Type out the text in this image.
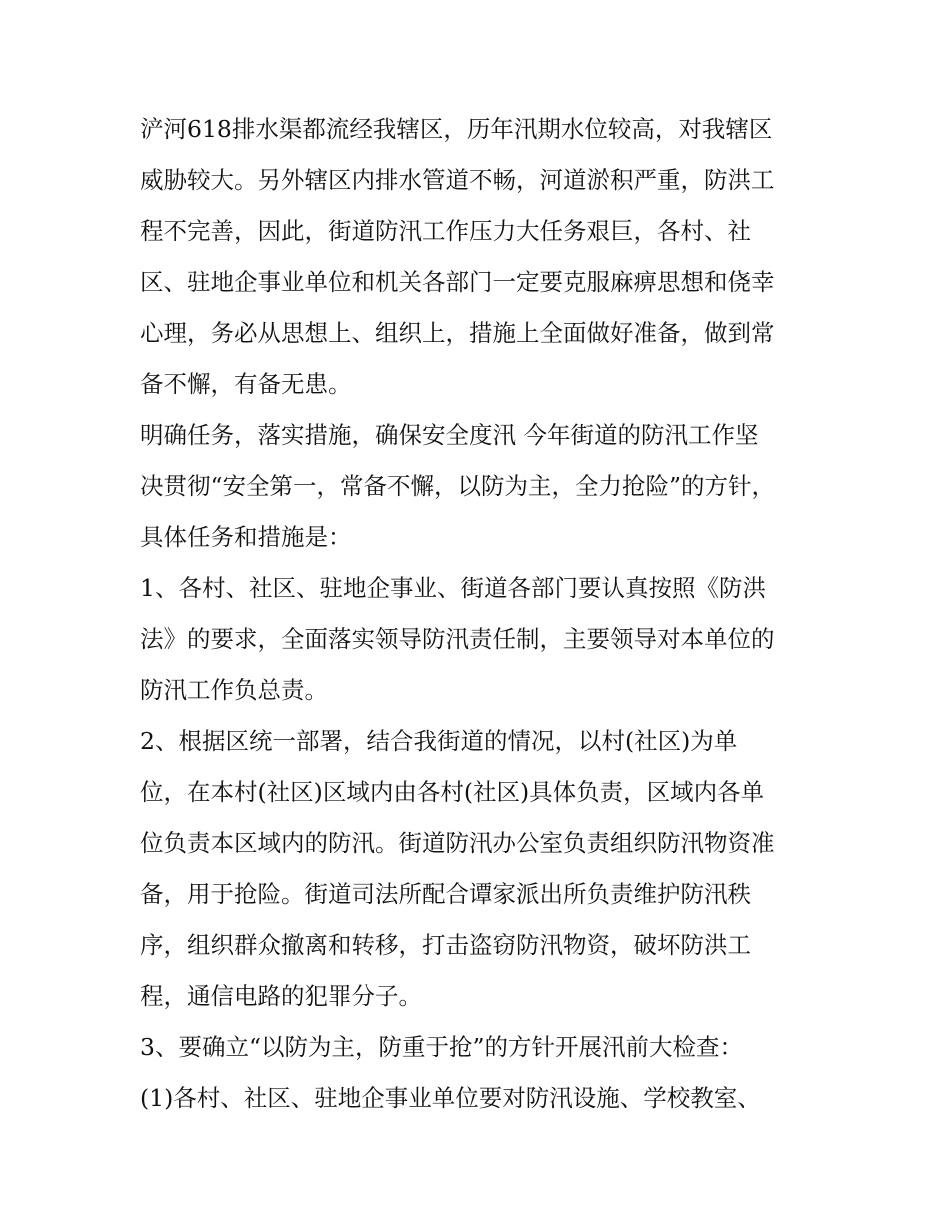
浐河618排水渠都流经我辖区，历年汛期水位较高，对我辖区
威胁较大。另外辖区内排水管道不畅，河道淤积严重，防洪工
程不完善，因此，街道防汛工作压力大任务艰巨，各村、社
区、驻地企事业单位和机关各部门一定要克服麻痹思想和侥幸
心理，务必从思想上、组织上，措施上全面做好准备，做到常
备不懈，有备无患。
明确任务，落实措施，确保安全度汛 今年街道的防汛工作坚
决贯彻“安全第一，常备不懈，以防为主，全力抢险”的方针，
具体任务和措施是：
1、各村、社区、驻地企事业、街道各部门要认真按照《防洪
法》的要求，全面落实领导防汛责任制，主要领导对本单位的
防汛工作负总责。
2、根据区统一部署，结合我街道的情况，以村(社区)为单
位，在本村(社区)区域内由各村(社区)具体负责，区域内各单
位负责本区域内的防汛。街道防汛办公室负责组织防汛物资准
备，用于抢险。街道司法所配合谭家派出所负责维护防汛秩
序，组织群众撤离和转移，打击盗窃防汛物资，破坏防洪工
程，通信电路的犯罪分子。
3、要确立“以防为主，防重于抢”的方针开展汛前大检查：
(1)各村、社区、驻地企事业单位要对防汛设施、学校教室、
